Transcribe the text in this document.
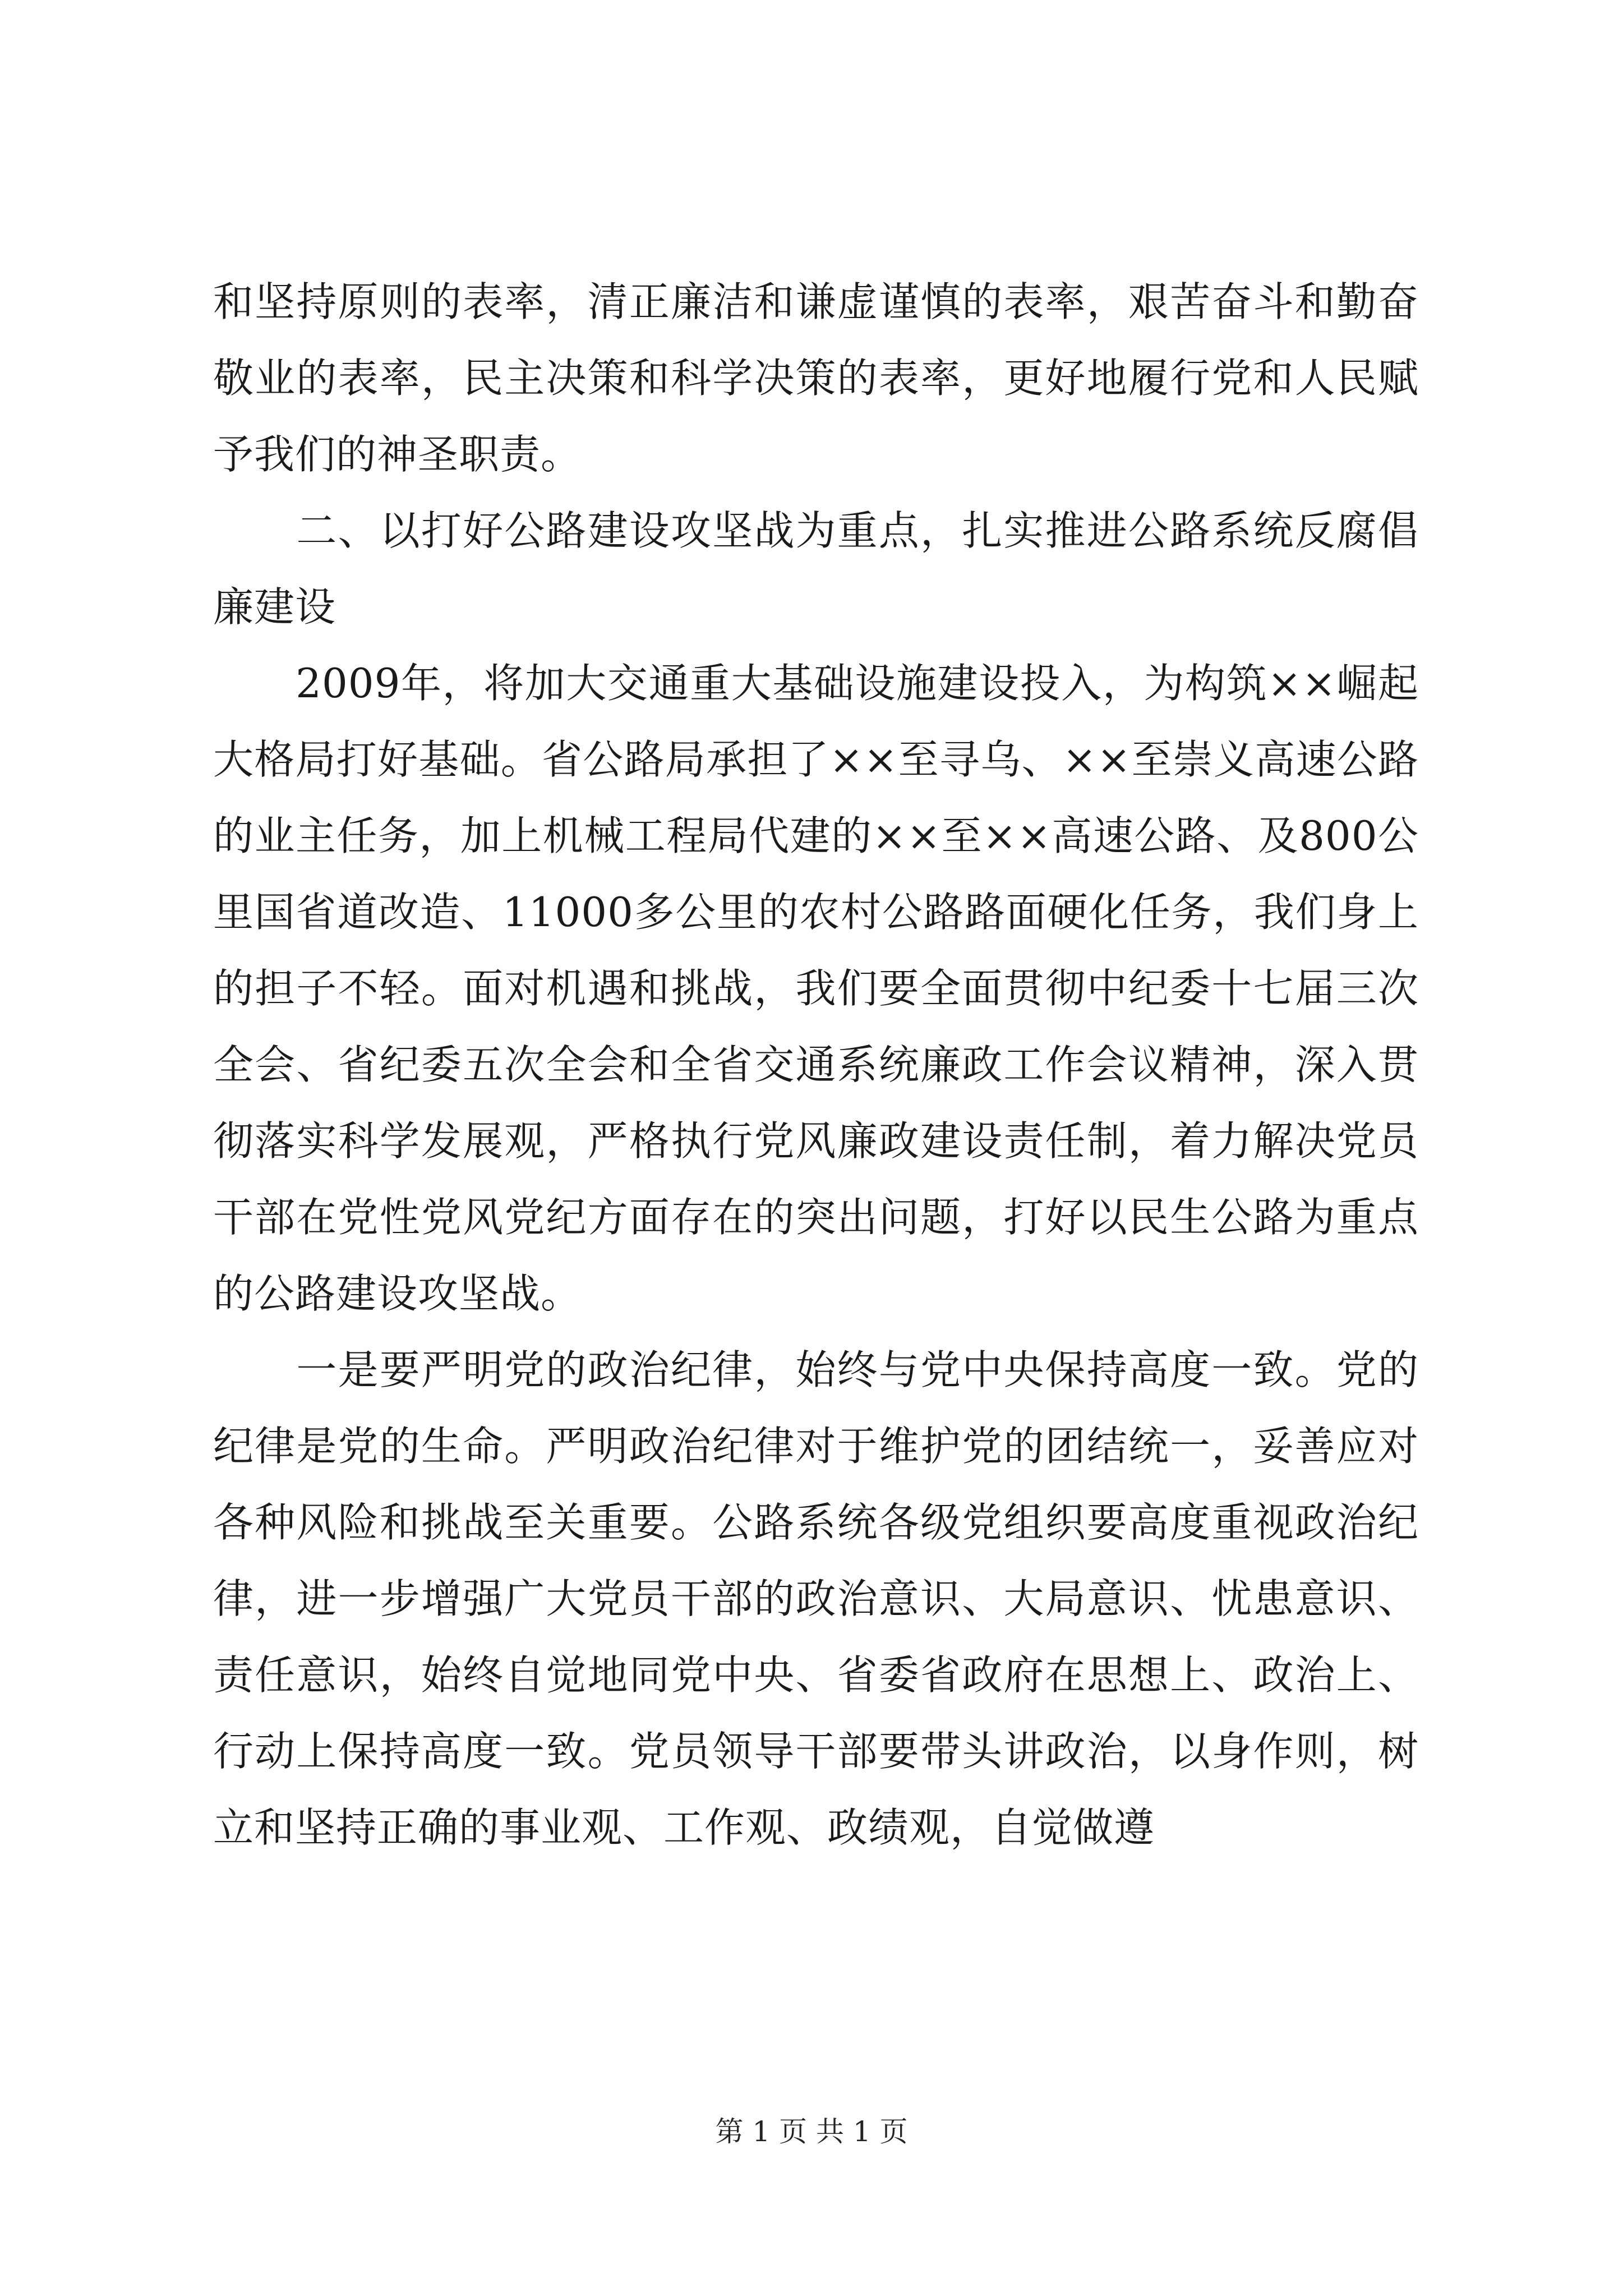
和坚持原则的表率，清正廉洁和谦虚谨慎的表率，艰苦奋斗和勤奋敬业的表率，民主决策和科学决策的表率，更好地履行党和人民赋予我们的神圣职责。

　　二、以打好公路建设攻坚战为重点，扎实推进公路系统反腐倡廉建设

　　2009年，将加大交通重大基础设施建设投入，为构筑××崛起大格局打好基础。省公路局承担了××至寻乌、××至崇义高速公路的业主任务，加上机械工程局代建的××至××高速公路、及800公里国省道改造、11000多公里的农村公路路面硬化任务，我们身上的担子不轻。面对机遇和挑战，我们要全面贯彻中纪委十七届三次全会、省纪委五次全会和全省交通系统廉政工作会议精神，深入贯彻落实科学发展观，严格执行党风廉政建设责任制，着力解决党员干部在党性党风党纪方面存在的突出问题，打好以民生公路为重点的公路建设攻坚战。

　　一是要严明党的政治纪律，始终与党中央保持高度一致。党的纪律是党的生命。严明政治纪律对于维护党的团结统一，妥善应对各种风险和挑战至关重要。公路系统各级党组织要高度重视政治纪律，进一步增强广大党员干部的政治意识、大局意识、忧患意识、责任意识，始终自觉地同党中央、省委省政府在思想上、政治上、行动上保持高度一致。党员领导干部要带头讲政治，以身作则，树立和坚持正确的事业观、工作观、政绩观，自觉做遵

第 1 页 共 1 页
